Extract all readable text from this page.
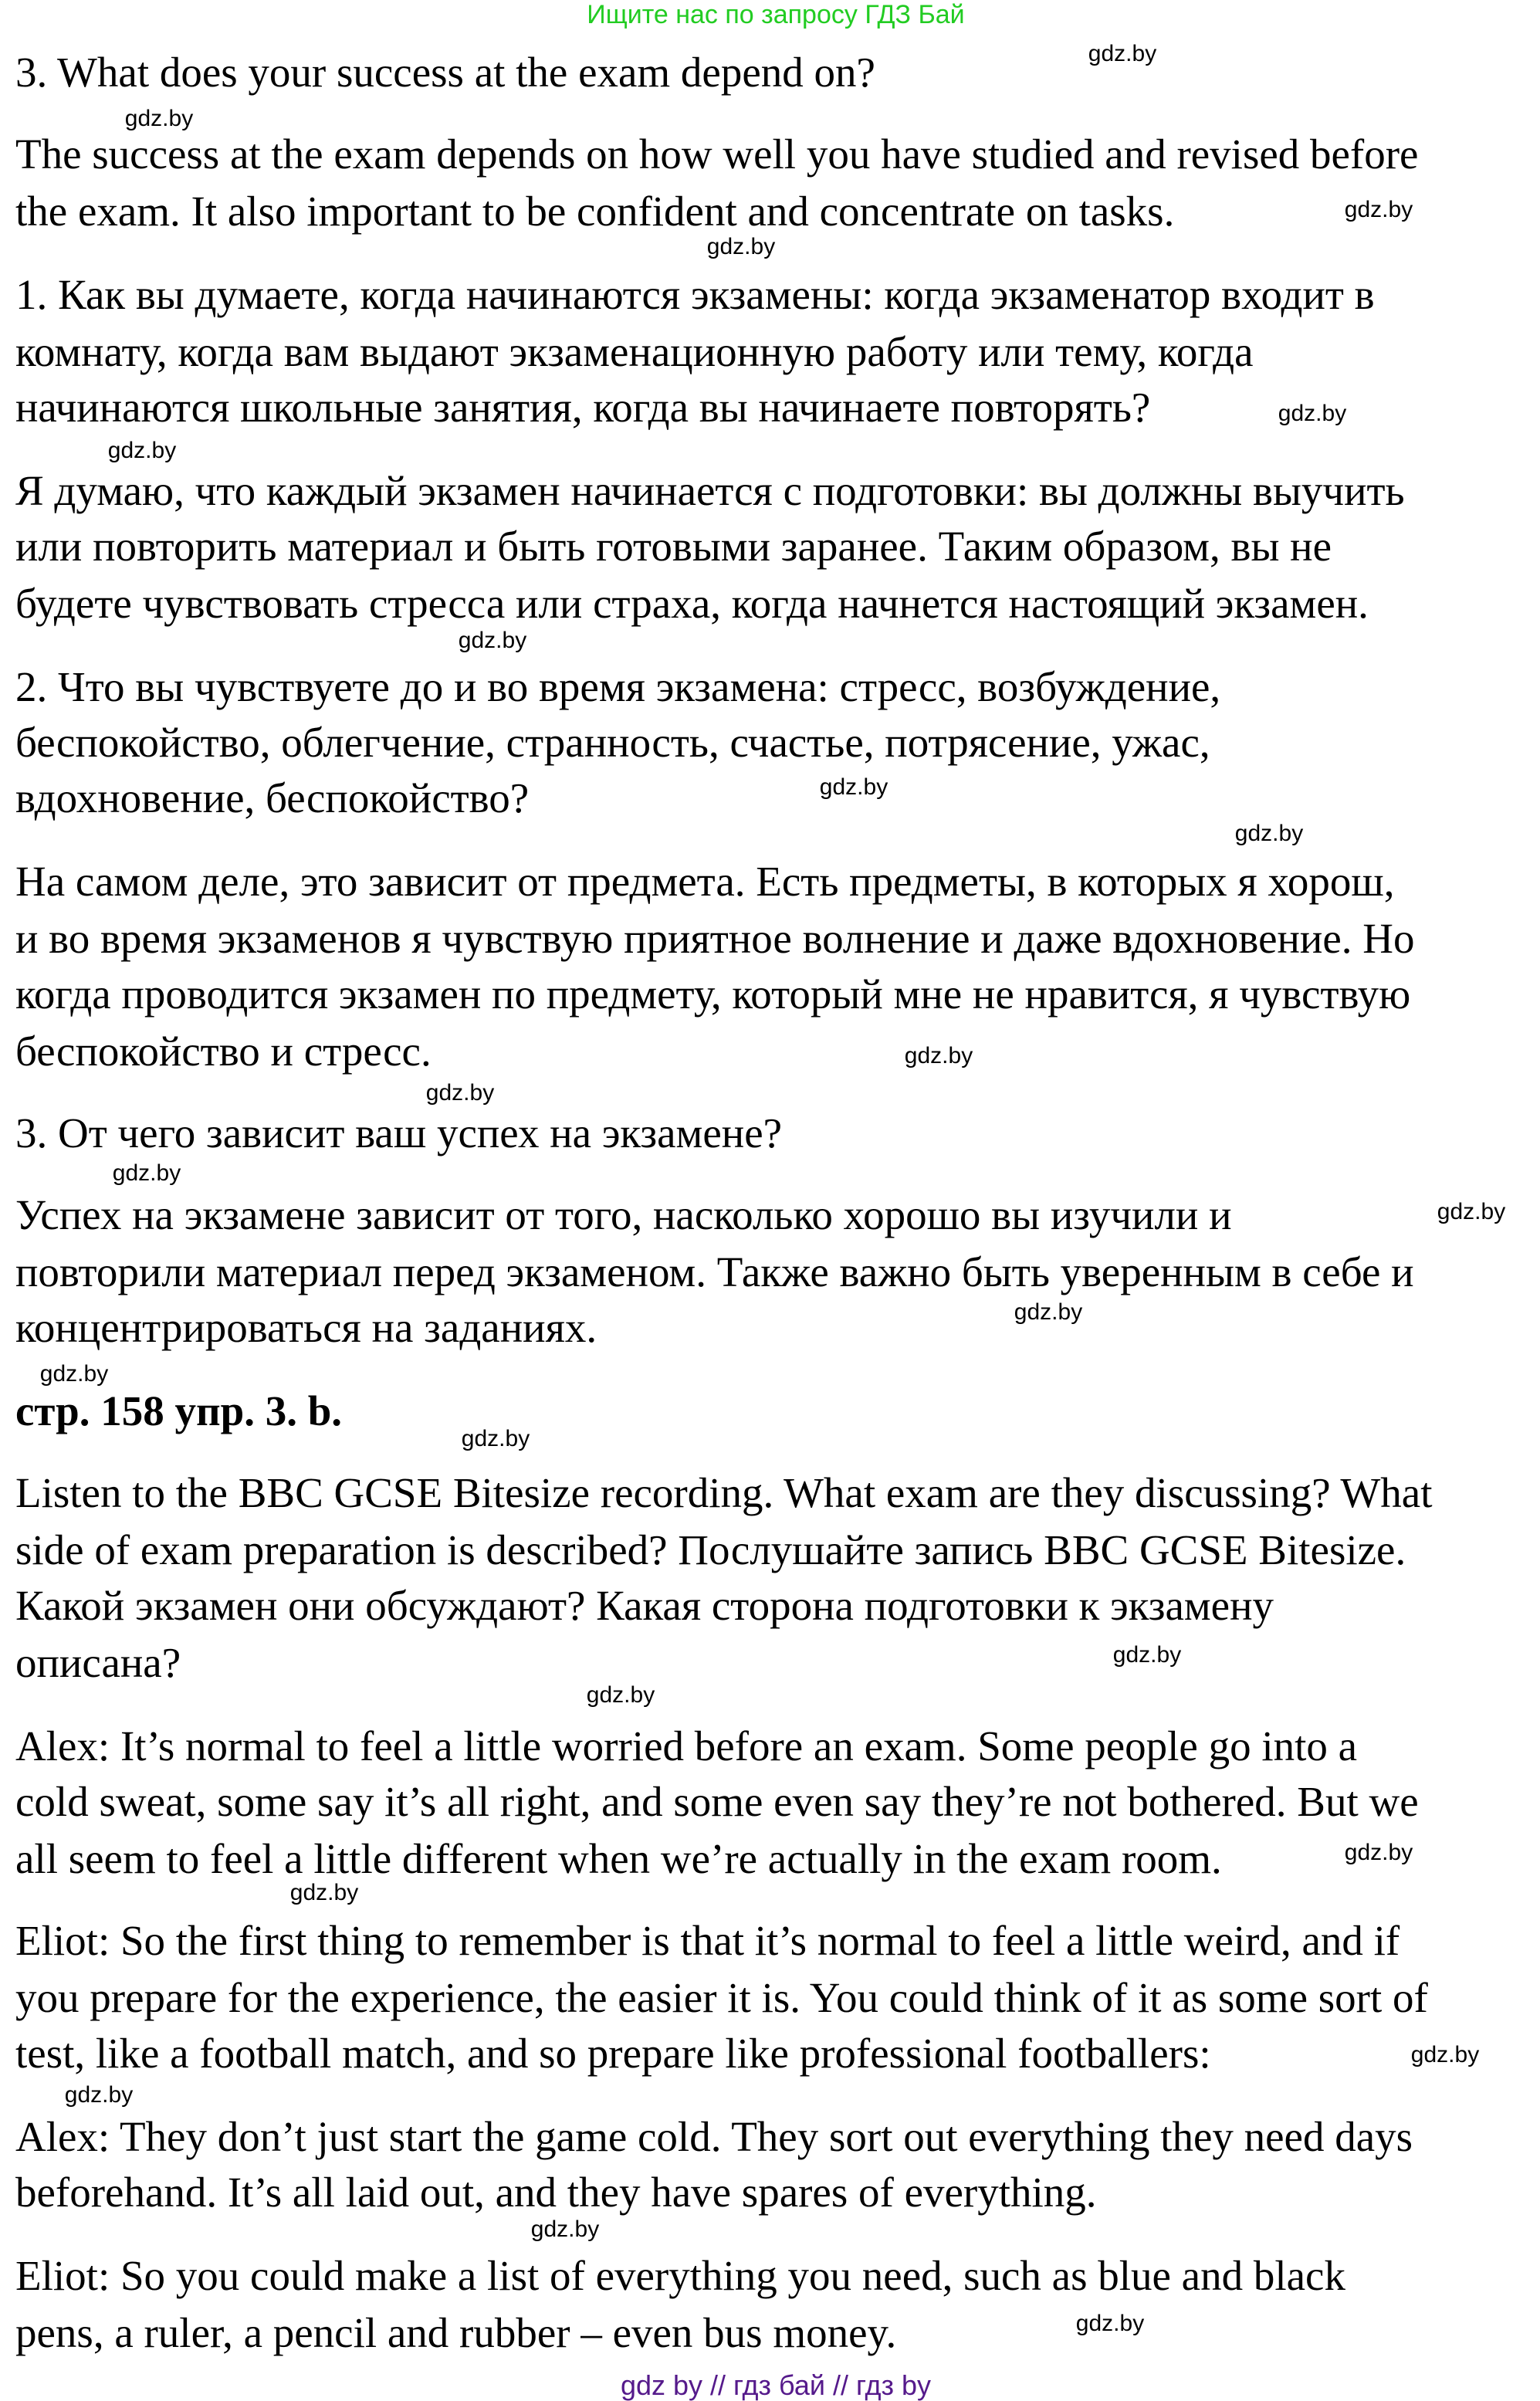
Ищите нас по запросу ГДЗ Бай
3. What does your success at the exam depend on?
The success at the exam depends on how well you have studied and revised before
the exam. It also important to be confident and concentrate on tasks.
1. Как вы думаете, когда начинаются экзамены: когда экзаменатор входит в
комнату, когда вам выдают экзаменационную работу или тему, когда
начинаются школьные занятия, когда вы начинаете повторять?
Я думаю, что каждый экзамен начинается с подготовки: вы должны выучить
или повторить материал и быть готовыми заранее. Таким образом, вы не
будете чувствовать стресса или страха, когда начнется настоящий экзамен.
2. Что вы чувствуете до и во время экзамена: стресс, возбуждение,
беспокойство, облегчение, странность, счастье, потрясение, ужас,
вдохновение, беспокойство?
На самом деле, это зависит от предмета. Есть предметы, в которых я хорош,
и во время экзаменов я чувствую приятное волнение и даже вдохновение. Но
когда проводится экзамен по предмету, который мне не нравится, я чувствую
беспокойство и стресс.
3. От чего зависит ваш успех на экзамене?
Успех на экзамене зависит от того, насколько хорошо вы изучили и
повторили материал перед экзаменом. Также важно быть уверенным в себе и
концентрироваться на заданиях.
стр. 158 упр. 3. b.
Listen to the BBC GCSE Bitesize recording. What exam are they discussing? What
side of exam preparation is described? Послушайте запись BBC GCSE Bitesize.
Какой экзамен они обсуждают? Какая сторона подготовки к экзамену
описана?
Alex: It’s normal to feel a little worried before an exam. Some people go into a
cold sweat, some say it’s all right, and some even say they’re not bothered. But we
all seem to feel a little different when we’re actually in the exam room.
Eliot: So the first thing to remember is that it’s normal to feel a little weird, and if
you prepare for the experience, the easier it is. You could think of it as some sort of
test, like a football match, and so prepare like professional footballers:
Alex: They don’t just start the game cold. They sort out everything they need days
beforehand. It’s all laid out, and they have spares of everything.
Eliot: So you could make a list of everything you need, such as blue and black
pens, a ruler, a pencil and rubber – even bus money.
gdz.by
gdz.by
gdz.by
gdz.by
gdz.by
gdz.by
gdz.by
gdz.by
gdz.by
gdz.by
gdz.by
gdz.by
gdz.by
gdz.by
gdz.by
gdz.by
gdz.by
gdz.by
gdz.by
gdz.by
gdz.by
gdz.by
gdz.by
gdz.by
gdz by // гдз бай // гдз by
